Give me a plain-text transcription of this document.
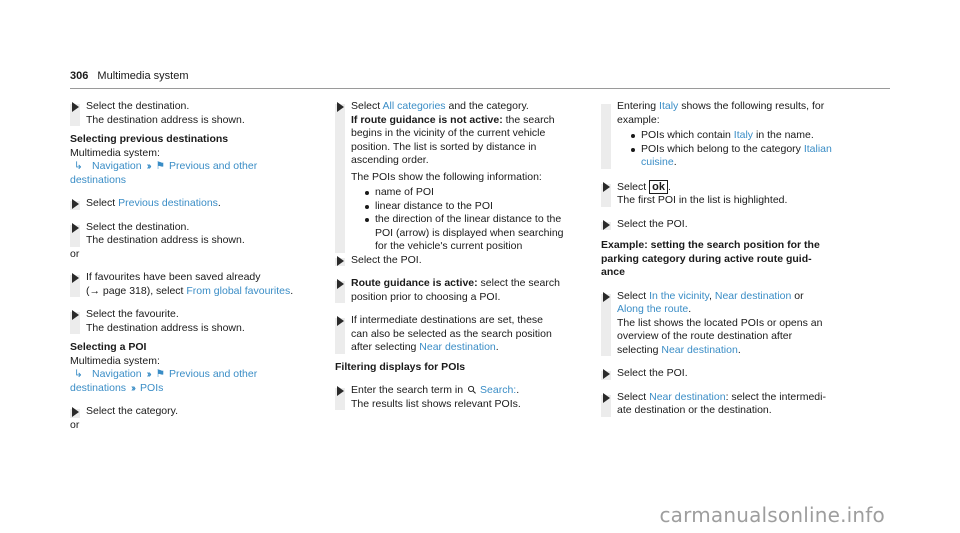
306 Multimedia system
Select the destination.
The destination address is shown.
Selecting previous destinations
Multimedia system:
↳ Navigation ›› ⚑ Previous and other
destinations
Select Previous destinations.
Select the destination.
The destination address is shown.
or
If favourites have been saved already
(→ page 318), select From global favourites.
Select the favourite.
The destination address is shown.
Selecting a POI
Multimedia system:
↳ Navigation ›› ⚑ Previous and other
destinations ›› POIs
Select the category.
or
Select All categories and the category.
If route guidance is not active: the search
begins in the vicinity of the current vehicle
position. The list is sorted by distance in
ascending order.
The POIs show the following information:
name of POI
linear distance to the POI
the direction of the linear distance to the
POI (arrow) is displayed when searching
for the vehicle's current position
Select the POI.
Route guidance is active: select the search
position prior to choosing a POI.
If intermediate destinations are set, these
can also be selected as the search position
after selecting Near destination.
Filtering displays for POIs
Enter the search term in ⚲Search:.
The results list shows relevant POIs.
Entering Italy shows the following results, for
example:
POIs which contain Italy in the name.
POIs which belong to the category Italian
cuisine.
Select ok .
The first POI in the list is highlighted.
Select the POI.
Example: setting the search position for the
parking category during active route guid-
ance
Select In the vicinity, Near destination or
Along the route.
The list shows the located POIs or opens an
overview of the route destination after
selecting Near destination.
Select the POI.
Select Near destination: select the intermedi-
ate destination or the destination.
carmanualsonline.info
